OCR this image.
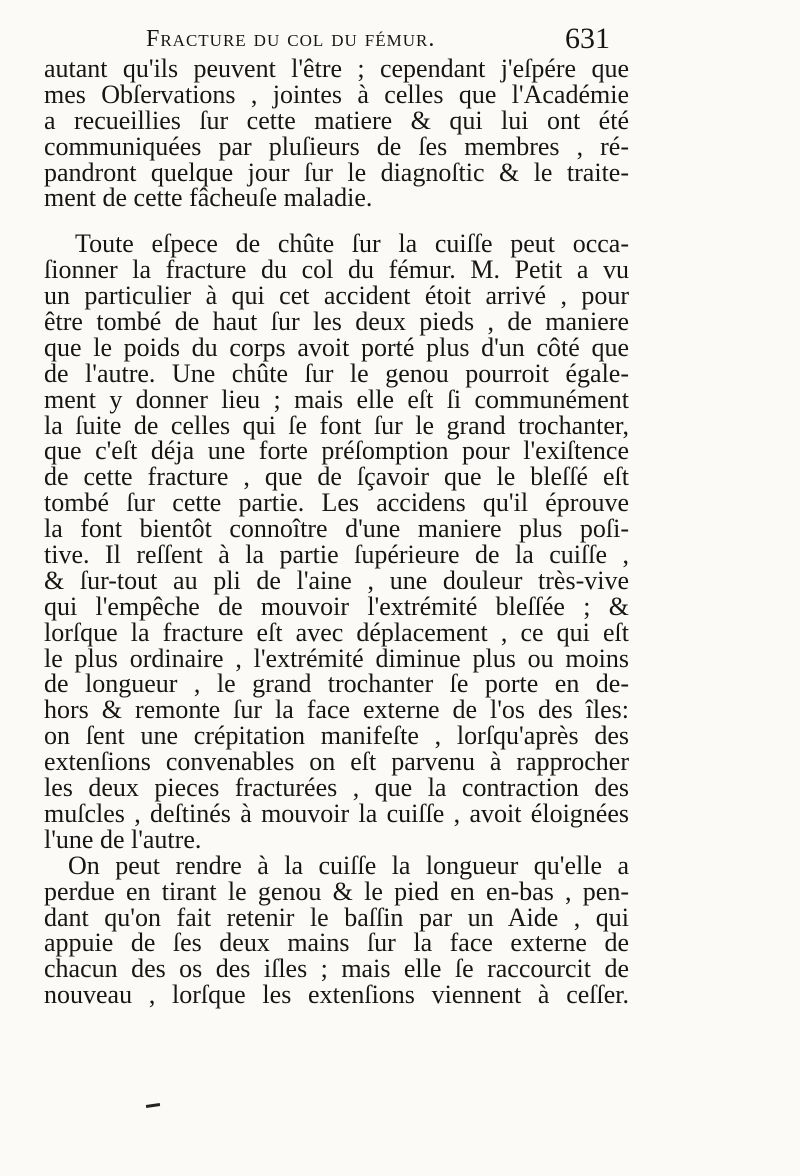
Fracture du col du fémur.	631
autant qu'ils peuvent l'être ; cependant j'eſpére que
mes Obſervations , jointes à celles que l'Académie
a recueillies ſur cette matiere & qui lui ont été
communiquées par pluſieurs de ſes membres , ré-
pandront quelque jour ſur le diagnoſtic & le traite-
ment de cette fâcheuſe maladie.
Toute eſpece de chûte ſur la cuiſſe peut occa-
ſionner la fracture du col du fémur. M. Petit a vu
un particulier à qui cet accident étoit arrivé , pour
être tombé de haut ſur les deux pieds , de maniere
que le poids du corps avoit porté plus d'un côté que
de l'autre. Une chûte ſur le genou pourroit égale-
ment y donner lieu ; mais elle eſt ſi communément
la ſuite de celles qui ſe font ſur le grand trochanter,
que c'eſt déja une forte préſomption pour l'exiſtence
de cette fracture , que de ſçavoir que le bleſſé eſt
tombé ſur cette partie. Les accidens qu'il éprouve
la font bientôt connoître d'une maniere plus poſi-
tive. Il reſſent à la partie ſupérieure de la cuiſſe ,
& ſur-tout au pli de l'aine , une douleur très-vive
qui l'empêche de mouvoir l'extrémité bleſſée ; &
lorſque la fracture eſt avec déplacement , ce qui eſt
le plus ordinaire , l'extrémité diminue plus ou moins
de longueur , le grand trochanter ſe porte en de-
hors & remonte ſur la face externe de l'os des îles:
on ſent une crépitation manifeſte , lorſqu'après des
extenſions convenables on eſt parvenu à rapprocher
les deux pieces fracturées , que la contraction des
muſcles , deſtinés à mouvoir la cuiſſe , avoit éloignées
l'une de l'autre.
On peut rendre à la cuiſſe la longueur qu'elle a
perdue en tirant le genou & le pied en en-bas , pen-
dant qu'on fait retenir le baſſin par un Aide , qui
appuie de ſes deux mains ſur la face externe de
chacun des os des iſles ; mais elle ſe raccourcit de
nouveau , lorſque les extenſions viennent à ceſſer.
